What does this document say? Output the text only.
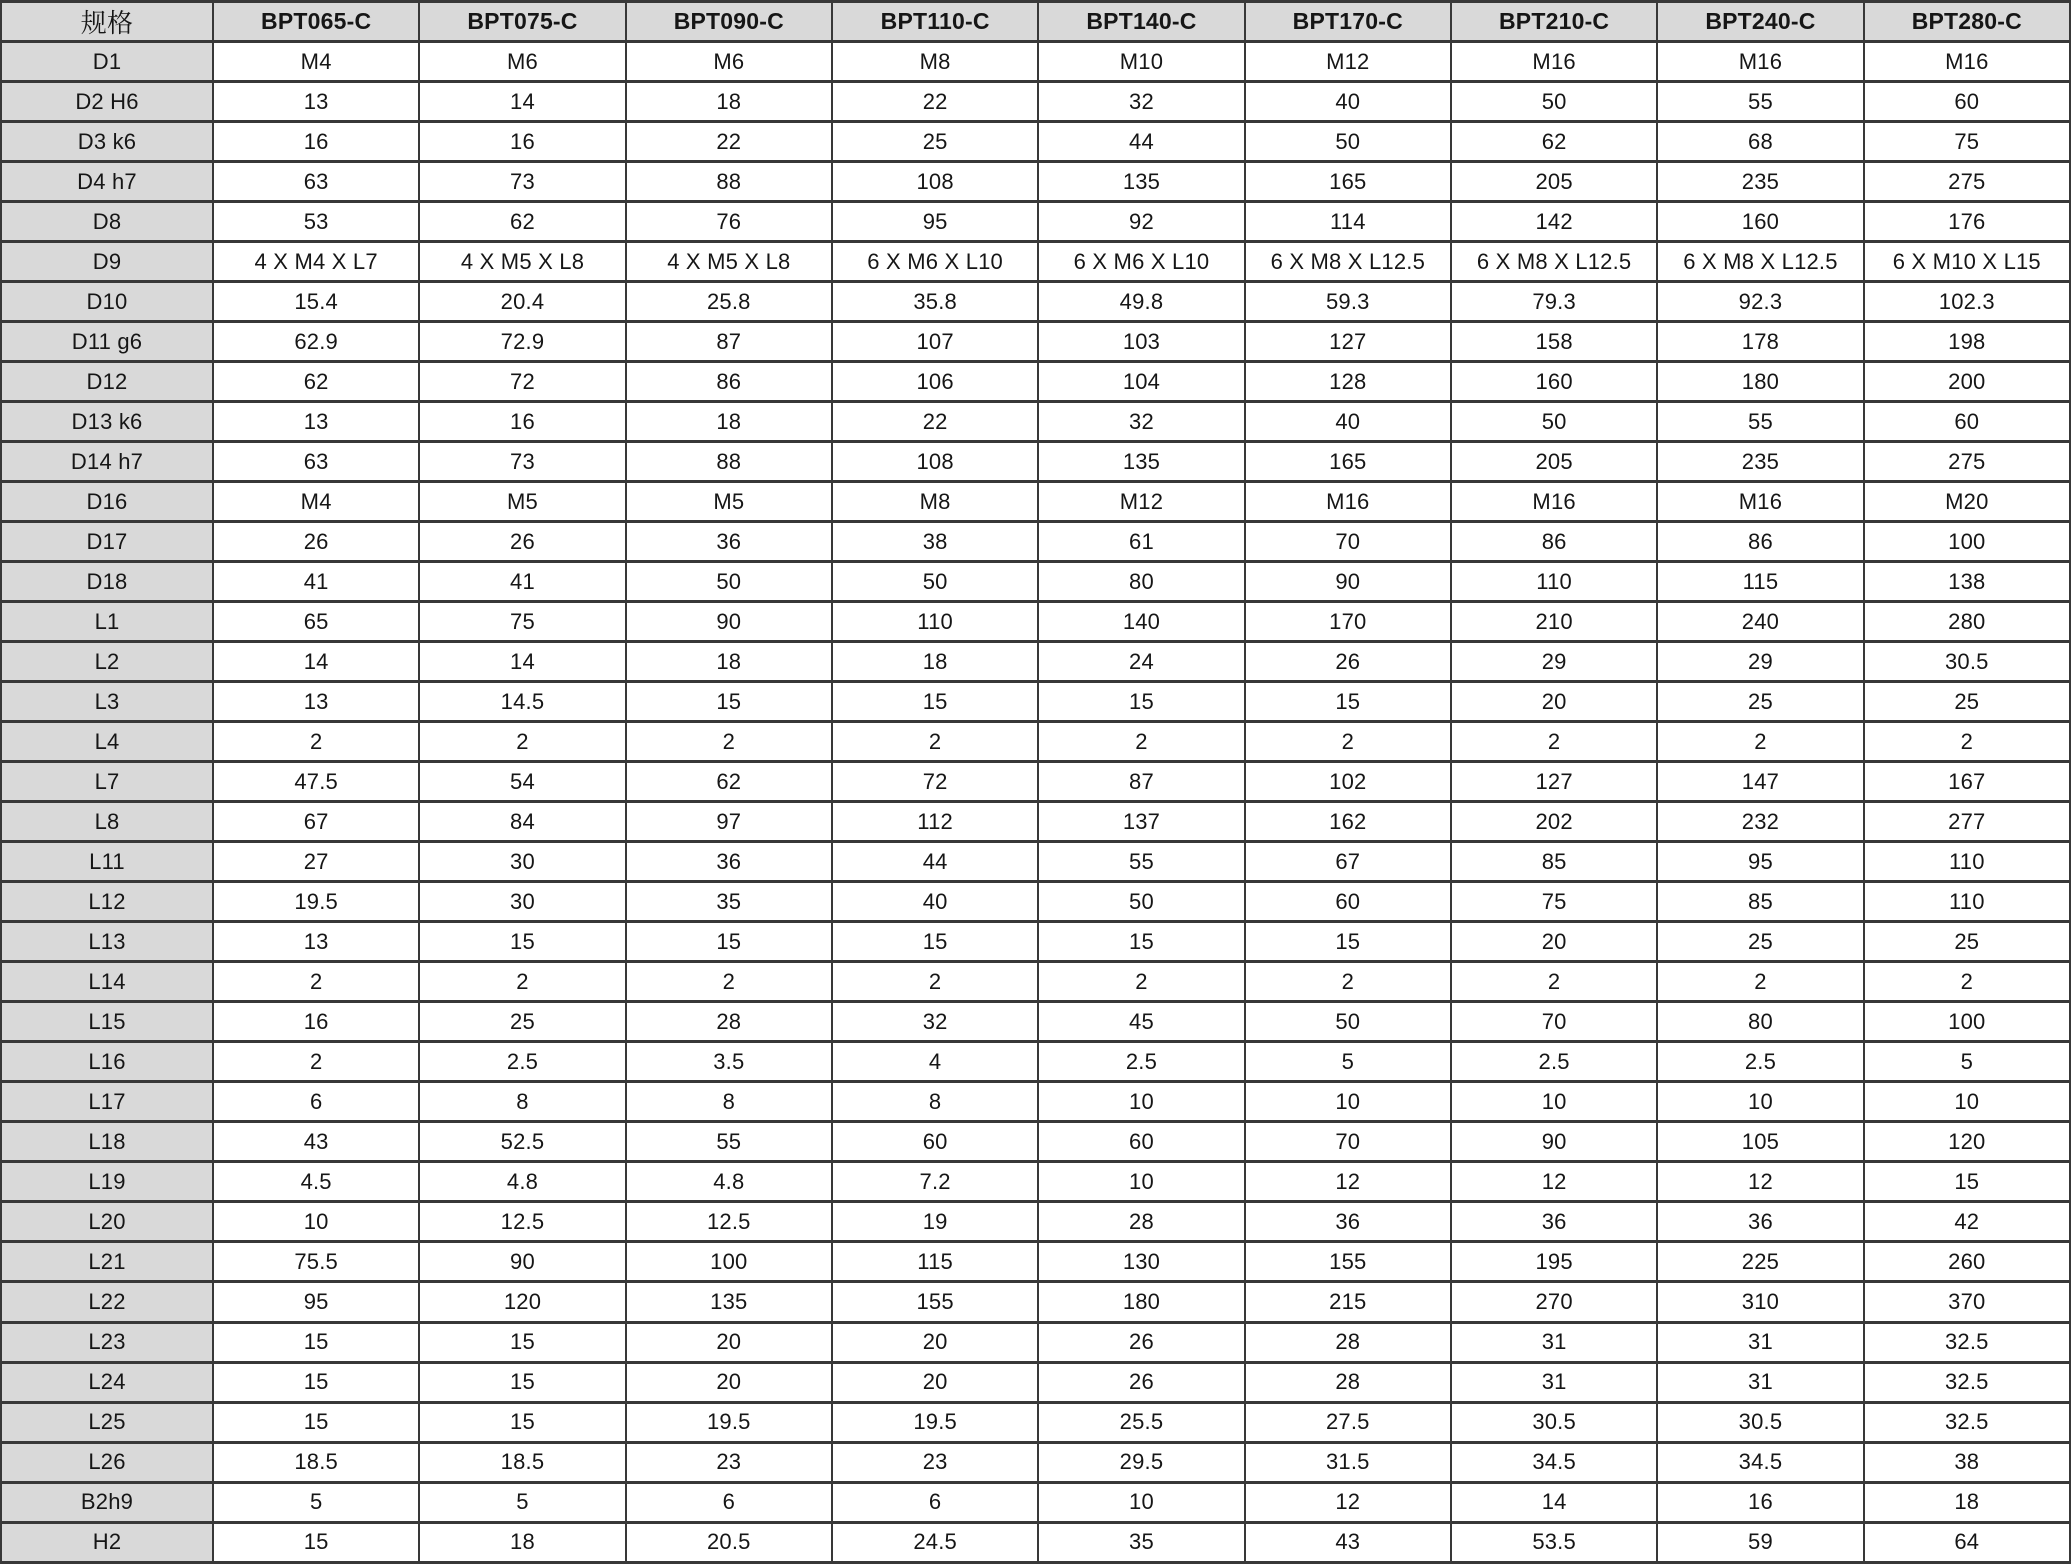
规格	BPT065-C	BPT075-C	BPT090-C	BPT110-C	BPT140-C	BPT170-C	BPT210-C	BPT240-C	BPT280-C
D1	M4	M6	M6	M8	M10	M12	M16	M16	M16
D2 H6	13	14	18	22	32	40	50	55	60
D3 k6	16	16	22	25	44	50	62	68	75
D4 h7	63	73	88	108	135	165	205	235	275
D8	53	62	76	95	92	114	142	160	176
D9	4 X M4 X L7	4 X M5 X L8	4 X M5 X L8	6 X M6 X L10	6 X M6 X L10	6 X M8 X L12.5	6 X M8 X L12.5	6 X M8 X L12.5	6 X M10 X L15
D10	15.4	20.4	25.8	35.8	49.8	59.3	79.3	92.3	102.3
D11 g6	62.9	72.9	87	107	103	127	158	178	198
D12	62	72	86	106	104	128	160	180	200
D13 k6	13	16	18	22	32	40	50	55	60
D14 h7	63	73	88	108	135	165	205	235	275
D16	M4	M5	M5	M8	M12	M16	M16	M16	M20
D17	26	26	36	38	61	70	86	86	100
D18	41	41	50	50	80	90	110	115	138
L1	65	75	90	110	140	170	210	240	280
L2	14	14	18	18	24	26	29	29	30.5
L3	13	14.5	15	15	15	15	20	25	25
L4	2	2	2	2	2	2	2	2	2
L7	47.5	54	62	72	87	102	127	147	167
L8	67	84	97	112	137	162	202	232	277
L11	27	30	36	44	55	67	85	95	110
L12	19.5	30	35	40	50	60	75	85	110
L13	13	15	15	15	15	15	20	25	25
L14	2	2	2	2	2	2	2	2	2
L15	16	25	28	32	45	50	70	80	100
L16	2	2.5	3.5	4	2.5	5	2.5	2.5	5
L17	6	8	8	8	10	10	10	10	10
L18	43	52.5	55	60	60	70	90	105	120
L19	4.5	4.8	4.8	7.2	10	12	12	12	15
L20	10	12.5	12.5	19	28	36	36	36	42
L21	75.5	90	100	115	130	155	195	225	260
L22	95	120	135	155	180	215	270	310	370
L23	15	15	20	20	26	28	31	31	32.5
L24	15	15	20	20	26	28	31	31	32.5
L25	15	15	19.5	19.5	25.5	27.5	30.5	30.5	32.5
L26	18.5	18.5	23	23	29.5	31.5	34.5	34.5	38
B2h9	5	5	6	6	10	12	14	16	18
H2	15	18	20.5	24.5	35	43	53.5	59	64
